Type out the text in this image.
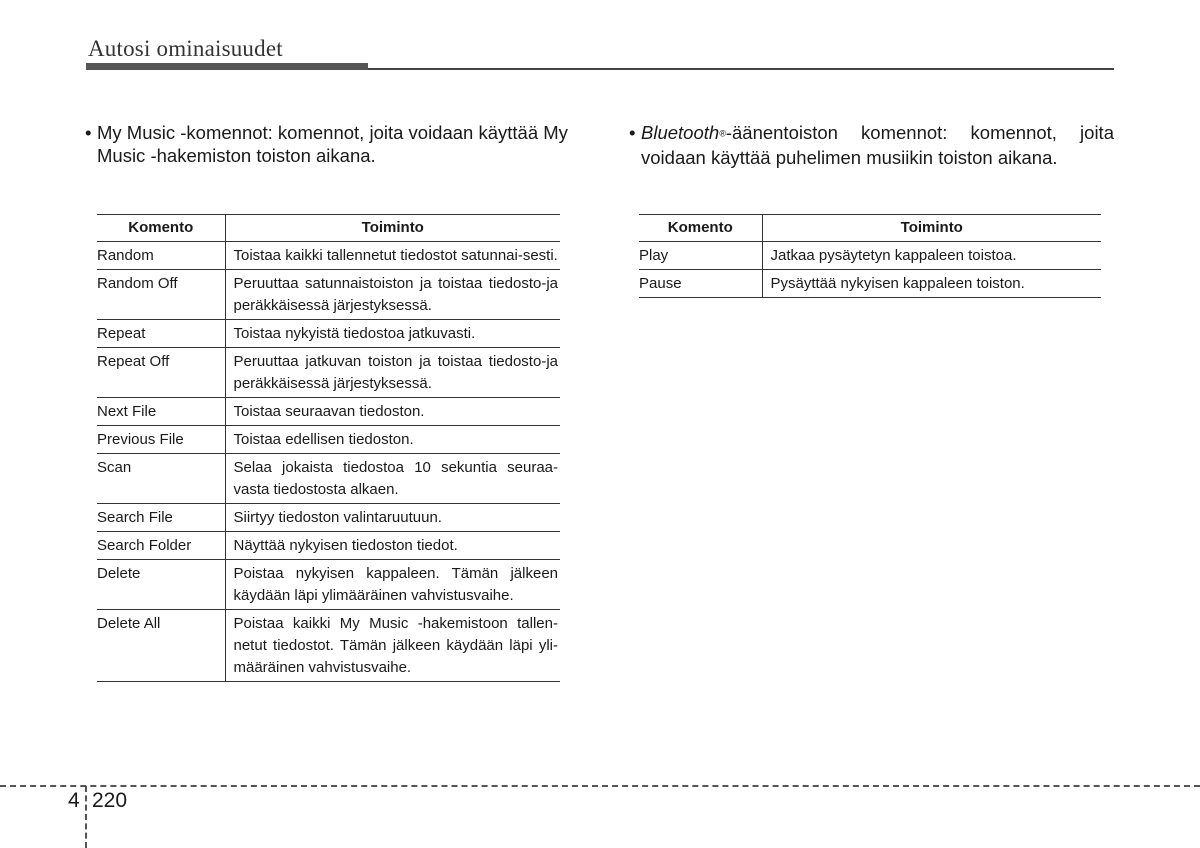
Autosi ominaisuudet
• My Music -komennot: komennot, joita voidaan käyttää My Music -hakemiston toiston aikana.
Komento	Toiminto
Random	Toistaa kaikki tallennetut tiedostot satunnai-sesti.
Random Off	Peruuttaa satunnaistoiston ja toistaa tiedosto-ja peräkkäisessä järjestyksessä.
Repeat	Toistaa nykyistä tiedostoa jatkuvasti.
Repeat Off	Peruuttaa jatkuvan toiston ja toistaa tiedosto-ja peräkkäisessä järjestyksessä.
Next File	Toistaa seuraavan tiedoston.
Previous File	Toistaa edellisen tiedoston.
Scan	Selaa jokaista tiedostoa 10 sekuntia seuraa-vasta tiedostosta alkaen.
Search File	Siirtyy tiedoston valintaruutuun.
Search Folder	Näyttää nykyisen tiedoston tiedot.
Delete	Poistaa nykyisen kappaleen. Tämän jälkeen käydään läpi ylimääräinen vahvistusvaihe.
Delete All	Poistaa kaikki My Music -hakemistoon tallen-netut tiedostot. Tämän jälkeen käydään läpi yli-määräinen vahvistusvaihe.
• Bluetooth®-äänentoiston komennot: komennot, joita voidaan käyttää puhelimen musiikin toiston aikana.
Komento	Toiminto
Play	Jatkaa pysäytetyn kappaleen toistoa.
Pause	Pysäyttää nykyisen kappaleen toiston.
4 220
